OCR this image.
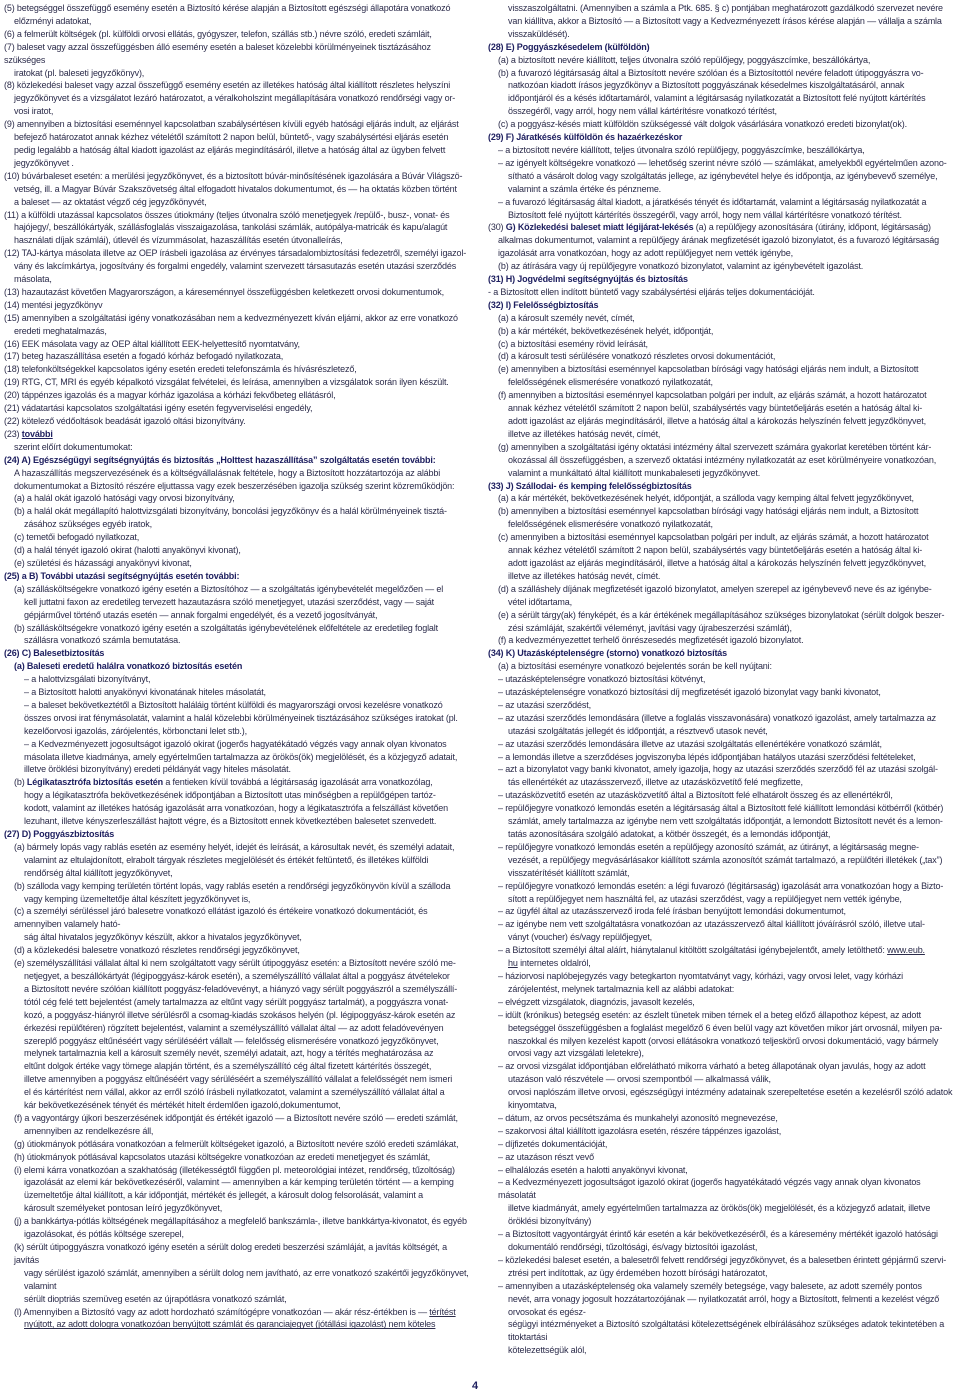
(5) betegséggel összefüggő esemény esetén a Biztosító kérése alapján a Biztosított egészségi állapotára vonatkozó
előzményi adatokat,
(6) a felmerült költségek (pl. külföldi orvosi ellátás, gyógyszer, telefon, szállás stb.) névre szóló, eredeti számláit,
(7) baleset vagy azzal összefüggésben álló esemény esetén a baleset közelebbi körülményeinek tisztázásához szükséges
iratokat (pl. baleseti jegyzőkönyv),
(8) közlekedési baleset vagy azzal összefüggő esemény esetén az illetékes hatóság által kiállított részletes helyszíni
jegyzőkönyvet és a vizsgálatot lezáró határozatot, a véralkoholszint megállapítására vonatkozó rendőrségi vagy or-
vosi iratot,
(9) amennyiben a biztosítási eseménnyel kapcsolatban szabálysértésen kívüli egyéb hatósági eljárás indult, az eljárást
befejező határozatot annak kézhez vételétől számított 2 napon belül, büntető-, vagy szabálysértési eljárás esetén
pedig legalább a hatóság által kiadott igazolást az eljárás megindításáról, illetve a hatóság által az ügyben felvett
jegyzőkönyvet .
(10) búvárbaleset esetén: a merülési jegyzőkönyvet, és a biztosított búvár-minősítésének igazolására a Búvár Világszö-
vetség, ill. a Magyar Búvár Szakszövetség által elfogadott hivatalos dokumentumot, és — ha oktatás közben történt
a baleset — az oktatást végző cég jegyzőkönyvét,
(11) a külföldi utazással kapcsolatos összes útiokmány (teljes útvonalra szóló menetjegyek /repülő-, busz-, vonat- és
hajójegy/, beszállókártyák, szállásfoglalás visszaigazolása, tankolási számlák, autópálya-matricák és kapu/alagút
használati díjak számlái), útlevél és vízummásolat, hazaszállítás esetén útvonalleírás,
(12) TAJ-kártya másolata illetve az OEP írásbeli igazolása az érvényes társadalombiztosítási fedezetről, személyi igazol-
vány és lakcímkártya, jogosítvány és forgalmi engedély, valamint szervezett társasutazás esetén utazási szerződés
másolata,
(13) hazautazást követően Magyarországon, a káreseménnyel összefüggésben keletkezett orvosi dokumentumok,
(14) mentési jegyzőkönyv
(15) amennyiben a szolgáltatási igény vonatkozásában nem a kedvezményezett kíván eljárni, akkor az erre vonatkozó
eredeti meghatalmazás,
(16) EEK másolata vagy az OEP által kiállított EEK-helyettesítő nyomtatvány,
(17) beteg hazaszállítása esetén a fogadó kórház befogadó nyilatkozata,
(18) telefonköltségekkel kapcsolatos igény esetén eredeti telefonszámla és hívásrészletező,
(19) RTG, CT, MRI és egyéb képalkotó vizsgálat felvételei, és leírása, amennyiben a vizsgálatok során ilyen készült.
(20) táppénzes igazolás és a magyar kórház igazolása a kórházi fekvőbeteg ellátásról,
(21) vádatartási kapcsolatos szolgáltatási igény esetén fegyverviselési engedély,
(22) kötelező védőoltások beadását igazoló oltási bizonyítvány.
(23) további
szerint előírt dokumentumokat:
(24) A) Egészségügyi segítségnyújtás és biztosítás „Holttest hazaszállítása” szolgáltatás esetén további:
A hazaszállítás megszervezésének és a költségvállalásnak feltétele, hogy a Biztosított hozzátartozója az alábbi
dokumentumokat a Biztosító részére eljuttassa vagy ezek beszerzésében igazolja szükség szerint közreműködjön:
(a) a halál okát igazoló hatósági vagy orvosi bizonyítvány,
(b) a halál okát megállapító halottvizsgálati bizonyítvány, boncolási jegyzőkönyv és a halál körülményeinek tisztá-
zásához szükséges egyéb iratok,
(c) temetői befogadó nyilatkozat,
(d) a halál tényét igazoló okirat (halotti anyakönyvi kivonat),
(e) születési és házassági anyakönyvi kivonat,
(25) a B) További utazási segítségnyújtás esetén további:
(a) szállásköltségekre vonatkozó igény esetén a Biztosítóhoz — a szolgáltatás igénybevételét megelőzően — el
kell juttatni faxon az eredetileg tervezett hazautazásra szóló menetjegyet, utazási szerződést, vagy — saját
gépjárművel történő utazás esetén — annak forgalmi engedélyét, és a vezető jogosítványát,
(b) szállásköltségekre vonatkozó igény esetén a szolgáltatás igénybevételének előfeltétele az eredetileg foglalt
szállásra vonatkozó számla bemutatása.
(26) C) Balesetbiztosítás
(a) Baleseti eredetű halálra vonatkozó biztosítás esetén
– a halottvizsgálati bizonyítványt,
– a Biztosított halotti anyakönyvi kivonatának hiteles másolatát,
– a baleset bekövetkeztétől a Biztosított haláláig történt külföldi és magyarországi orvosi kezelésre vonatkozó
összes orvosi irat fénymásolatát, valamint a halál közelebbi körülményeinek tisztázásához szükséges iratokat (pl.
kezelőorvosi igazolás, zárójelentés, körbonctani lelet stb.),
– a Kedvezményezett jogosultságot igazoló okirat (jogerős hagyatékátadó végzés vagy annak olyan kivonatos
másolata illetve kiadmánya, amely egyértelműen tartalmazza az örökös(ök) megjelölését, és a közjegyző adatait,
illetve öröklési bizonyítvány) eredeti példányát vagy hiteles másolatát.
(b) Légikatasztrófa biztosítás esetén a fentieken kívül továbbá a légitársaság igazolását arra vonatkozólag,
hogy a légikatasztrófa bekövetkezésének időpontjában a Biztosított utas minőségben a repülőgépen tartóz-
kodott, valamint az illetékes hatóság igazolását arra vonatkozóan, hogy a légikatasztrófa a felszállást követően
lezuhant, illetve kényszerleszállást hajtott végre, és a Biztosított ennek következtében balesetet szenvedett.
(27) D) Poggyászbiztosítás
(a) bármely lopás vagy rablás esetén az esemény helyét, idejét és leírását, a károsultak nevét, és személyi adatait,
valamint az eltulajdonított, elrabolt tárgyak részletes megjelölését és értékét feltüntető, és illetékes külföldi
rendőrség által kiállított jegyzőkönyvet,
(b) szálloda vagy kemping területén történt lopás, vagy rablás esetén a rendőrségi jegyzőkönyvön kívül a szálloda
vagy kemping üzemeltetője által készített jegyzőkönyvet is,
(c) a személyi sérüléssel járó balesetre vonatkozó ellátást igazoló és értékeire vonatkozó dokumentációt, és amennyiben valamely ható-
ság által hivatalos jegyzőkönyv készült, akkor a hivatalos jegyzőkönyvet,
(d) a közlekedési balesetre vonatkozó részletes rendőrségi jegyzőkönyvet,
(e) személyszállítási vállalat által ki nem szolgáltatott vagy sérült útipoggyász esetén: a Biztosított nevére szóló me-
netjegyet, a beszállókártyát (légipoggyász-károk esetén), a személyszállító vállalat által a poggyász átvételekor
a Biztosított nevére szólóan kiállított poggyász-feladóvevényt, a hiányzó vagy sérült poggyászról a személyszállí-
tótól cég felé tett bejelentést (amely tartalmazza az eltűnt vagy sérült poggyász tartalmát), a poggyászra vonat-
kozó, a poggyász-hiányról illetve sérülésről a csomag-kiadás szokásos helyén (pl. légipoggyász-károk esetén az
érkezési repülőtéren) rögzített bejelentést, valamint a személyszállító vállalat által — az adott feladóvevényen
szereplő poggyász eltűnéséért vagy sérüléséért vállalt — felelősség elismerésére vonatkozó jegyzőkönyvet,
melynek tartalmaznia kell a károsult személy nevét, személyi adatait, azt, hogy a térítés meghatározása az
eltűnt dolgok értéke vagy tömege alapján történt, és a személyszállító cég által fizetett kártérítés összegét,
illetve amennyiben a poggyász eltűnéséért vagy sérüléséért a személyszállító vállalat a felelősségét nem ismeri
el és kártérítést nem vállal, akkor az erről szóló írásbeli nyilatkozatot, valamint a személyszállító vállalat által a
kár bekövetkezésének tényét és mértékét hitelt érdemlően igazoló,dokumentumot,
(f) a vagyontárgy újkori beszerzésének időpontját és értékét igazoló — a Biztosított nevére szóló — eredeti számlát,
amennyiben az rendelkezésre áll,
(g) útiokmányok pótlására vonatkozóan a felmerült költségeket igazoló, a Biztosított nevére szóló eredeti számlákat,
(h) útiokmányok pótlásával kapcsolatos utazási költségekre vonatkozóan az eredeti menetjegyet és számlát,
(i) elemi kárra vonatkozóan a szakhatóság (illetékességtől függően pl. meteorológiai intézet, rendőrség, tűzoltóság)
igazolását az elemi kár bekövetkezéséről, valamint — amennyiben a kár kemping területén történt — a kemping
üzemeltetője által kiállított, a kár időpontját, mértékét és jellegét, a károsult dolog felsorolását, valamint a
károsult személyeket pontosan leíró jegyzőkönyvet,
(j) a bankkártya-pótlás költségének megállapításához a megfelelő bankszámla-, illetve bankkártya-kivonatot, és egyéb
igazolásokat, és pótlás költsége szerepel,
(k) sérült útipoggyászra vonatkozó igény esetén a sérült dolog eredeti beszerzési számláját, a javítás költségét, a javítás
vagy sérülést igazoló számlát, amennyiben a sérült dolog nem javítható, az erre vonatkozó szakértői jegyzőkönyvet, valamint
sérült dioptriás szemüveg esetén az újrapótlásra vonatkozó számlát,
(l) Amennyiben a Biztosító vagy az adott hordozható számítógépre vonatkozóan — akár rész-értékben is — térítést
nyújtott, az adott dologra vonatkozóan benyújtott számlát és garanciajegyet (jótállási igazolást) nem köteles
visszaszolgáltatni. (Amennyiben a számla a Ptk. 685. § c) pontjában meghatározott gazdálkodó szervezet nevére
van kiállítva, akkor a Biztosító — a Biztosított vagy a Kedvezményezett írásos kérése alapján — vállalja a számla
visszaküldését).
(28) E) Poggyászkésedelem (külföldön)
(a) a biztosított nevére kiállított, teljes útvonalra szóló repülőjegy, poggyászcímke, beszállókártya,
(b) a fuvarozó légitársaság által a Biztosított nevére szólóan és a Biztosítottól nevére feladott útipoggyászra vo-
natkozóan kiadott írásos jegyzőkönyv a Biztosított poggyászának késedelmes kiszolgáltatásáról, annak
időpontjáról és a késés időtartamáról, valamint a légitársaság nyilatkozatát a Biztosított felé nyújtott kártérítés
összegéről, vagy arról, hogy nem vállal kártérítésre vonatkozó térítést,
(c) a poggyász-késés miatt külföldön szükségessé vált dolgok vásárlására vonatkozó eredeti bizonylat(ok).
(29) F) Járatkésés külföldön és hazaérkezéskor
– a biztosított nevére kiállított, teljes útvonalra szóló repülőjegy, poggyászcímke, beszállókártya,
– az igényelt költségekre vonatkozó — lehetőség szerint névre szóló — számlákat, amelyekből egyértelműen azono-
sítható a vásárolt dolog vagy szolgáltatás jellege, az igénybevétel helye és időpontja, az igénybevevő személye,
valamint a számla értéke és pénzneme.
– a fuvarozó légitársaság által kiadott, a járatkésés tényét és időtartamát, valamint a légitársaság nyilatkozatát a
Biztosított felé nyújtott kártérítés összegéről, vagy arról, hogy nem vállal kártérítésre vonatkozó térítést.
(30) G) Közlekedési baleset miatt légijárat-lekésés (a) a repülőjegy azonosítására (útirány, időpont, légitársaság)
alkalmas dokumentumot, valamint a repülőjegy árának megfizetését igazoló bizonylatot, és a fuvarozó légitársaság
igazolását arra vonatkozóan, hogy az adott repülőjegyet nem vették igénybe,
(b) az átírására vagy új repülőjegyre vonatkozó bizonylatot, valamint az igénybevételt igazolást.
(31) H) Jogvédelmi segítségnyújtás és biztosítás
- a Biztosított ellen indított büntető vagy szabálysértési eljárás teljes dokumentációját.
(32) I) Felelősségbiztosítás
(a) a károsult személy nevét, címét,
(b) a kár mértékét, bekövetkezésének helyét, időpontját,
(c) a biztosítási esemény rövid leírását,
(d) a károsult testi sérülésére vonatkozó részletes orvosi dokumentációt,
(e) amennyiben a biztosítási eseménnyel kapcsolatban bírósági vagy hatósági eljárás nem indult, a Biztosított
felelősségének elismerésére vonatkozó nyilatkozatát,
(f) amennyiben a biztosítási eseménnyel kapcsolatban polgári per indult, az eljárás számát, a hozott határozatot
annak kézhez vételétől számított 2 napon belül, szabálysértés vagy büntetőeljárás esetén a hatóság által ki-
adott igazolást az eljárás megindításáról, illetve a hatóság által a károkozás helyszínén felvett jegyzőkönyvet,
illetve az illetékes hatóság nevét, címét,
(g) amennyiben a szolgáltatási igény oktatási intézmény által szervezett számára gyakorlat keretében történt kár-
okozással áll összefüggésben, a szervező oktatási intézmény nyilatkozatát az eset körülményeire vonatkozóan,
valamint a munkáltató által kiállított munkabaleseti jegyzőkönyvet.
(33) J) Szállodai- és kemping felelősségbiztosítás
(a) a kár mértékét, bekövetkezésének helyét, időpontját, a szálloda vagy kemping által felvett jegyzőkönyvet,
(b) amennyiben a biztosítási eseménnyel kapcsolatban bírósági vagy hatósági eljárás nem indult, a Biztosított
felelősségének elismerésére vonatkozó nyilatkozatát,
(c) amennyiben a biztosítási eseménnyel kapcsolatban polgári per indult, az eljárás számát, a hozott határozatot
annak kézhez vételétől számított 2 napon belül, szabálysértés vagy büntetőeljárás esetén a hatóság által ki-
adott igazolást az eljárás megindításáról, illetve a hatóság által a károkozás helyszínén felvett jegyzőkönyvet,
illetve az illetékes hatóság nevét, címét.
(d) a szálláshely díjának megfizetését igazoló bizonylatot, amelyen szerepel az igénybevevő neve és az igénybe-
vétel időtartama,
(e) a sérült tárgy(ak) fényképét, és a kár értékének megállapításához szükséges bizonylatokat (sérült dolgok beszer-
zési számláját, szakértői véleményt, javítási vagy újrabeszerzési számlát),
(f) a kedvezményezettet terhelő önrészesedés megfizetését igazoló bizonylatot.
(34) K) Utazásképtelenségre (storno) vonatkozó biztosítás
(a) a biztosítási eseményre vonatkozó bejelentés során be kell nyújtani:
– utazásképtelenségre vonatkozó biztosítási kötvényt,
– utazásképtelenségre vonatkozó biztosítási díj megfizetését igazoló bizonylat vagy banki kivonatot,
– az utazási szerződést,
– az utazási szerződés lemondására (illetve a foglalás visszavonására) vonatkozó igazolást, amely tartalmazza az
utazási szolgáltatás jellegét és időpontját, a résztvevő utasok nevét,
– az utazási szerződés lemondására illetve az utazási szolgáltatás ellenértékére vonatkozó számlát,
– a lemondás illetve a szerződéses jogviszonyba lépés időpontjában hatályos utazási szerződési feltételeket,
– azt a bizonylatot vagy banki kivonatot, amely igazolja, hogy az utazási szerződés szerződő fél az utazási szolgál-
tás ellenértékét az utazásszervező, illetve az utazásközvetítő felé megfizette,
– utazásközvetítő esetén az utazásközvetítő által a Biztosított felé elhatárolt összeg és az ellenértékről,
– repülőjegyre vonatkozó lemondás esetén a légitársaság által a Biztosított felé kiállított lemondási kötbérről (kötbér)
számlát, amely tartalmazza az igénybe nem vett szolgáltatás időpontját, a lemondott Biztosított nevét és a lemon-
tatás azonosítására szolgáló adatokat, a kötbér összegét, és a lemondás időpontját,
– repülőjegyre vonatkozó lemondás esetén a repülőjegy azonosító számát, az útirányt, a légitársaság megne-
vezését, a repülőjegy megvásárlásakor kiállított számla azonosítót számát tartalmazó, a repülőtéri illetékek („tax”)
visszatérítését kiállított számlát,
– repülőjegyre vonatkozó lemondás esetén: a légi fuvarozó (légitársaság) igazolását arra vonatkozóan hogy a Bizto-
sított a repülőjegyet nem használtá fel, az utazási szerződést, vagy a repülőjegyet nem vették igénybe,
– az ügyfél által az utazásszervező iroda felé írásban benyújtott lemondási dokumentumot,
– az igénybe nem vett szolgáltatásra vonatkozóan az utazásszervező által kiállított jóváírásról szóló, illetve utal-
ványt (voucher) és/vagy repülőjegyet,
– a Biztosított személyi által aláírt, hiánytalanul kitöltött szolgáltatási igénybejelentőt, amely letölthető: www.eub.
hu internetes oldalról,
– háziorvosi naplóbejegyzés vagy betegkarton nyomtatványt vagy, kórházi, vagy orvosi lelet, vagy kórházi
zárójelentést, melynek tartalmaznia kell az alábbi adatokat:
– elvégzett vizsgálatok, diagnózis, javasolt kezelés,
– idült (krónikus) betegség esetén: az észlelt tünetek miben térnek el a beteg előző állapothoz képest, az adott
betegséggel összefüggésben a foglalást megelőző 6 éven belül vagy azt követően mikor járt orvosnál, milyen pa-
naszokkal és milyen kezelést kapott (orvosi ellátásokra vonatkozó teljeskörű orvosi dokumentáció, vagy bármely
orvosi vagy azt vizsgálati leletekre),
– az orvosi vizsgálat időpontjában előrelátható mikorra várható a beteg állapotának olyan javulás, hogy az adott
utazáson való részvétele — orvosi szempontból — alkalmassá válik,
orvosi naplószám illetve orvosi, egészségügyi intézmény adatainak szerepeltetése esetén a kezelésről szóló adatok
kinyomtatva,
– dátum, az orvos pecsétszáma és munkahelyi azonosító megnevezése,
– szakorvosi által kiállított igazolásra esetén, részére táppénzes igazolást,
– díjfizetés dokumentációját,
– az utazáson részt vevő
– elhalálozás esetén a halotti anyakönyvi kivonat,
– a Kedvezményezett jogosultságot igazoló okirat (jogerős hagyatékátadó végzés vagy annak olyan kivonatos másolatát
illetve kiadmányát, amely egyértelműen tartalmazza az örökös(ök) megjelölését, és a közjegyző adatait, illetve
öröklési bizonyítvány)
– a Biztosított vagyontárgyát érintő kár esetén a kár bekövetkezéséről, és a káresemény mértékét igazoló hatósági
dokumentáló rendőrségi, tűzoltósági, és/vagy biztosítói igazolást,
– közlekedési baleset esetén, a balesetről felvett rendőrségi jegyzőkönyvet, és a balesetben érintett gépjármű szervi-
ztrési pert indítottak, az ügy érdemében hozott bírósági határozatot,
– amennyiben a utazásképtelenség oka valamely személy betegsége, vagy balesete, az adott személy pontos
nevét, arra vonagy jogosult hozzátartozójának — nyilatkozatát arról, hogy a Biztosított, felmenti a kezelést végző orvosokat és egész-
ségügyi intézményeket a Biztosító szolgáltatási kötelezettségének elbírálásához szükséges adatok tekintetében a titoktartási
kötelezettségük alól,
4
